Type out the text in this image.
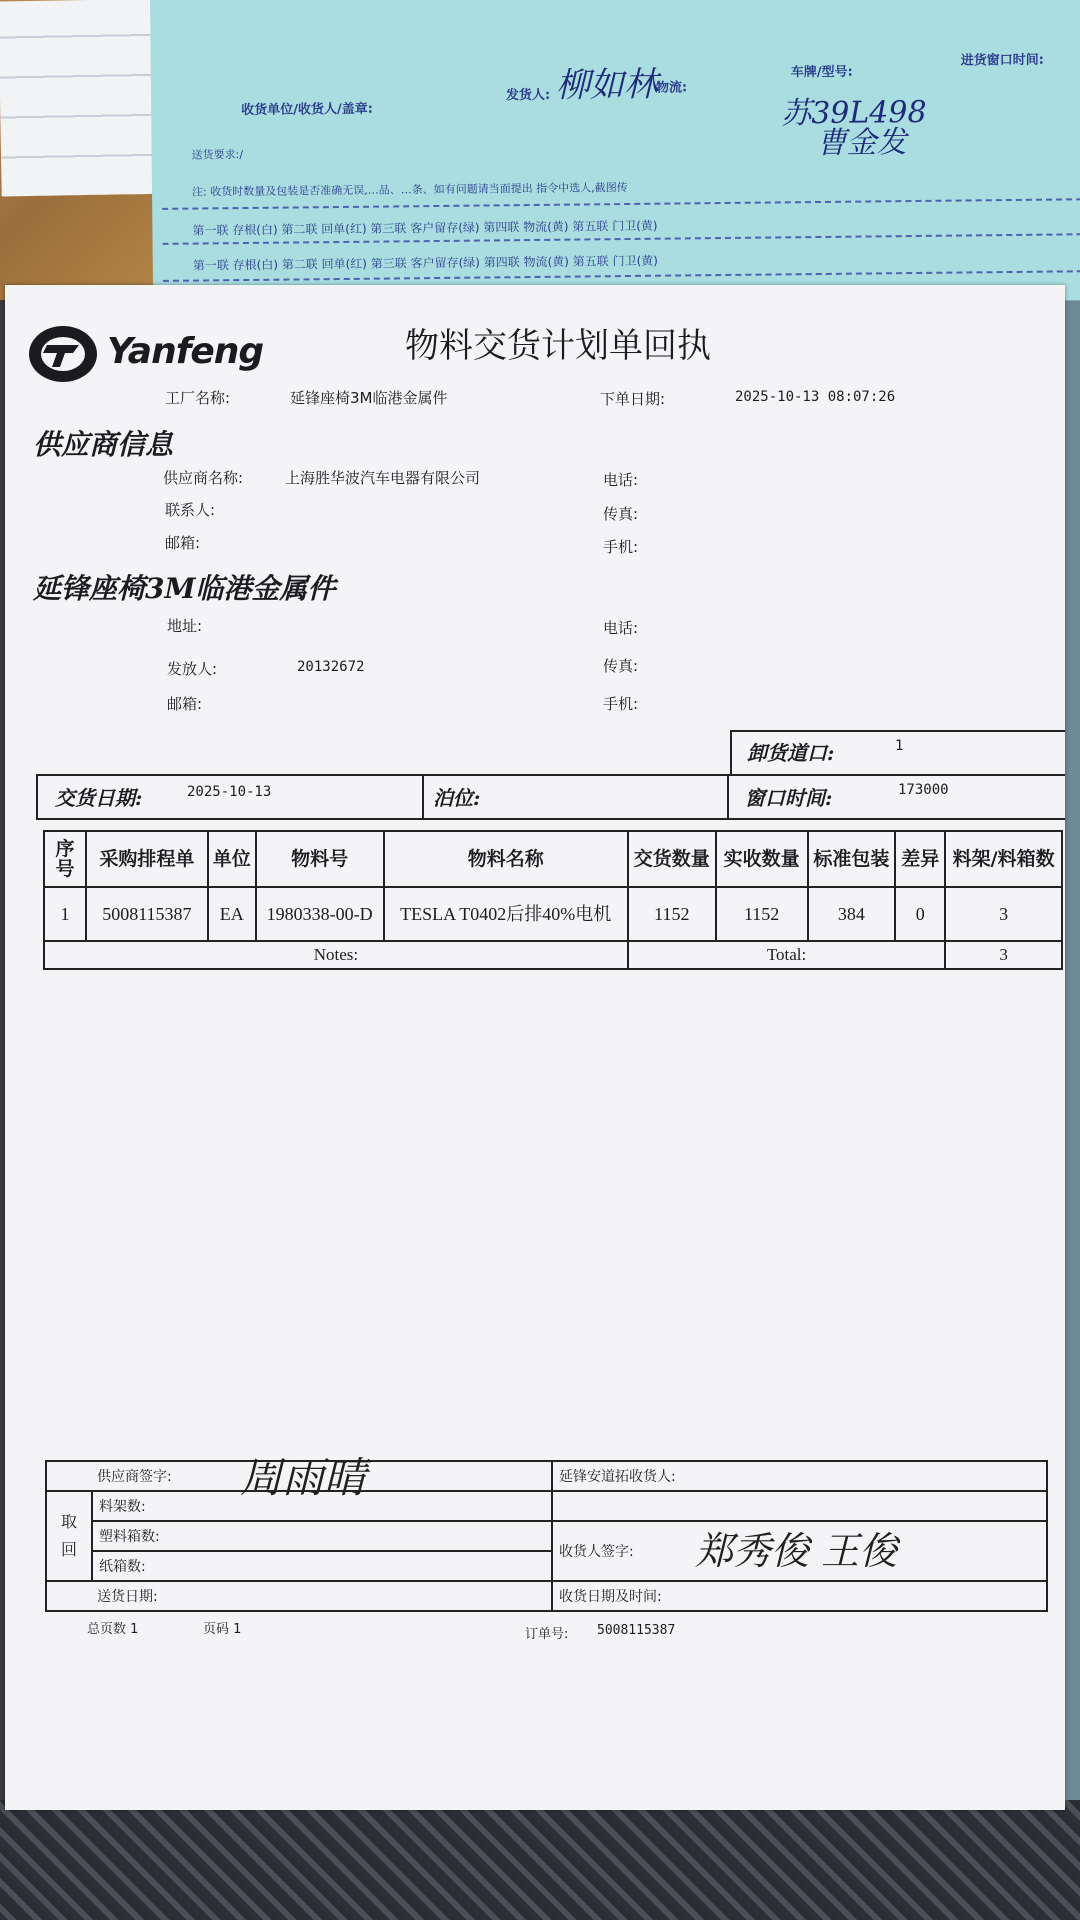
收货单位/收货人/盖章:
发货人: 柳如林
物流:
车牌/型号:
苏39L498
曹金发
进货窗口时间:
送货要求:/
注: 收货时数量及包装是否准确无误,…品、…条、如有问题请当面提出 指令中选人,截图传
第一联 存根(白) 第二联 回单(红) 第三联 客户留存(绿) 第四联 物流(黄) 第五联 门卫(黄)
第一联 存根(白) 第二联 回单(红) 第三联 客户留存(绿) 第四联 物流(黄) 第五联 门卫(黄)
Yanfeng	物料交货计划单回执
工厂名称:	延锋座椅3M临港金属件	下单日期:	2025-10-13 08:07:26
供应商信息
供应商名称:	上海胜华波汽车电器有限公司	电话:
联系人:	传真:
邮箱:	手机:
延锋座椅3M临港金属件
地址:	电话:
发放人:	20132672	传真:
邮箱:	手机:
卸货道口:	1
交货日期:	2025-10-13	泊位:	窗口时间:	173000
序号	采购排程单	单位	物料号	物料名称	交货数量	实收数量	标准包装	差异	料架/料箱数
1	5008115387	EA	1980338-00-D	TESLA T0402后排40%电机	1152	1152	384	0	3
Notes:					Total:				3
供应商签字:		延锋安道拓收货人:
取回	料架数:	
	塑料箱数:	收货人签字:
	纸箱数:	
送货日期:		收货日期及时间:
周雨晴
郑秀俊 王俊
总页数 1	页码 1	订单号: 5008115387
